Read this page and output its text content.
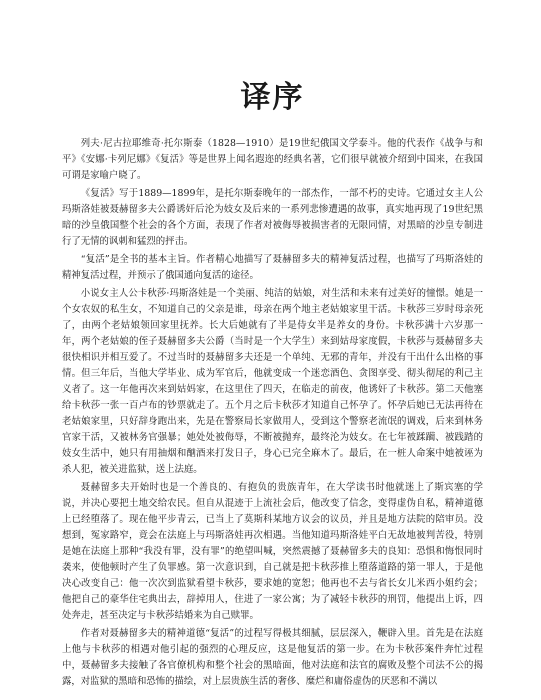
译序

列夫·尼古拉耶维奇·托尔斯泰（1828—1910）是19世纪俄国文学泰斗。他的代表作《战争与和平》《安娜·卡列尼娜》《复活》等是世界上闻名遐迩的经典名著，它们很早就被介绍到中国来，在我国可谓是家喻户晓了。

《复活》写于1889—1899年，是托尔斯泰晚年的一部杰作，一部不朽的史诗。它通过女主人公玛斯洛娃被聂赫留多夫公爵诱奸后沦为妓女及后来的一系列悲惨遭遇的故事，真实地再现了19世纪黑暗的沙皇俄国整个社会的各个方面，表现了作者对被侮辱被损害者的无限同情，对黑暗的沙皇专制进行了无情的讽刺和猛烈的抨击。

“复活”是全书的基本主旨。作者精心地描写了聂赫留多夫的精神复活过程，也描写了玛斯洛娃的精神复活过程，并预示了俄国通向复活的途径。

小说女主人公卡秋莎·玛斯洛娃是一个美丽、纯洁的姑娘，对生活和未来有过美好的憧憬。她是一个女农奴的私生女，不知道自己的父亲是谁，母亲在两个地主老姑娘家里干活。卡秋莎三岁时母亲死了，由两个老姑娘领回家里抚养。长大后她就有了半是侍女半是养女的身份。卡秋莎满十六岁那一年，两个老姑娘的侄子聂赫留多夫公爵（当时是一个大学生）来到姑母家度假，卡秋莎与聂赫留多夫很快相识并相互爱了。不过当时的聂赫留多夫还是一个单纯、无邪的青年，并没有干出什么出格的事情。但三年后，当他大学毕业、成为军官后，他就变成一个迷恋酒色、贪图享受、彻头彻尾的利己主义者了。这一年他再次来到姑妈家，在这里住了四天，在临走的前夜，他诱奸了卡秋莎。第二天他塞给卡秋莎一张一百卢布的钞票就走了。五个月之后卡秋莎才知道自己怀孕了。怀孕后她已无法再待在老姑娘家里，只好辞身跑出来，先是在警察局长家做用人，受到这个警察老流氓的调戏，后来到林务官家干活，又被林务官强暴；她处处被侮辱，不断被抛弃，最终沦为妓女。在七年被蹂躏、被践踏的妓女生活中，她只有用抽烟和酗酒来打发日子，身心已完全麻木了。最后，在一桩人命案中她被诬为杀人犯，被关进监狱，送上法庭。

聂赫留多夫开始时也是一个善良的、有抱负的贵族青年，在大学读书时他就迷上了斯宾塞的学说，并决心要把土地交给农民。但自从混迹于上流社会后，他改变了信念，变得虚伪自私，精神道德上已经堕落了。现在他平步青云，已当上了莫斯科某地方议会的议员，并且是地方法院的陪审员。没想到，冤家路窄，竟会在法庭上与玛斯洛娃再次相遇。当他知道玛斯洛娃平白无故地被判苦役，特别是她在法庭上那种“我没有罪，没有罪”的绝望叫喊，突然震撼了聂赫留多夫的良知：恐惧和悔恨同时袭来，使他顿时产生了负罪感。第一次意识到，自己就是把卡秋莎推上堕落道路的第一罪人，于是他决心改变自己：他一次次到监狱看望卡秋莎，要求她的宽恕；他再也不去与省长女儿米西小姐约会；他把自己的豪华住宅典出去，辞掉用人，住进了一家公寓；为了减轻卡秋莎的刑罚，他提出上诉，四处奔走，甚至决定与卡秋莎结婚来为自己赎罪。

作者对聂赫留多夫的精神道德“复活”的过程写得极其细腻，层层深入，鞭辟入里。首先是在法庭上他与卡秋莎的相遇对他引起的强烈的心理反应，这是他复活的第一步。在为卡秋莎案件奔忙过程中，聂赫留多夫接触了各官僚机构和整个社会的黑暗面，他对法庭和法官的腐败及整个司法不公的揭露，对监狱的黑暗和恐怖的描绘，对上层贵族生活的奢侈、糜烂和庸俗虚伪的厌恶和不满以
